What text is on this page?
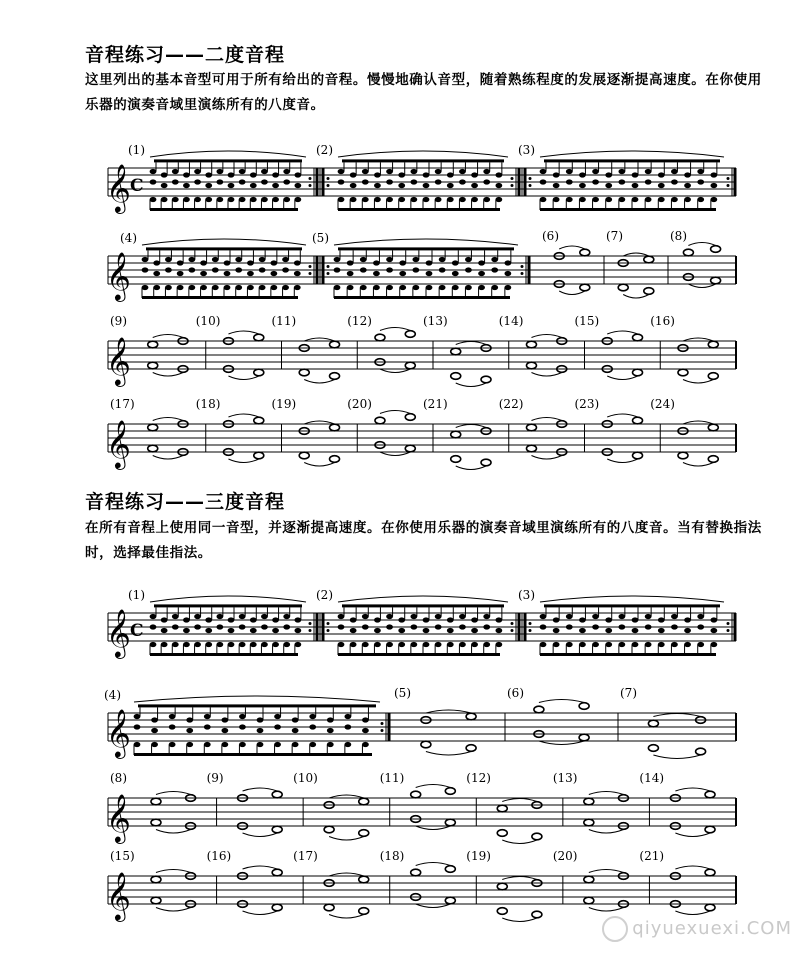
音程练习——二度音程
这里列出的基本音型可用于所有给出的音程。慢慢地确认音型，随着熟练程度的发展逐渐提高速度。在你使用乐器的演奏音域里演练所有的八度音。
𝄞 C
(1)	(2)	(3)
𝄞
(4)	(5)	(6)	(7)	(8)
𝄞
(9)	(10)	(11)	(12)	(13)	(14)	(15)	(16)
𝄞
(17)	(18)	(19)	(20)	(21)	(22)	(23)	(24)
音程练习——三度音程
在所有音程上使用同一音型，并逐渐提高速度。在你使用乐器的演奏音域里演练所有的八度音。当有替换指法时，选择最佳指法。
𝄞 C
(1)	(2)	(3)
𝄞
(4)	(5)	(6)	(7)
𝄞
(8)	(9)	(10)	(11)	(12)	(13)	(14)
𝄞
(15)	(16)	(17)	(18)	(19)	(20)	(21)
qiyuexuexi.COM
